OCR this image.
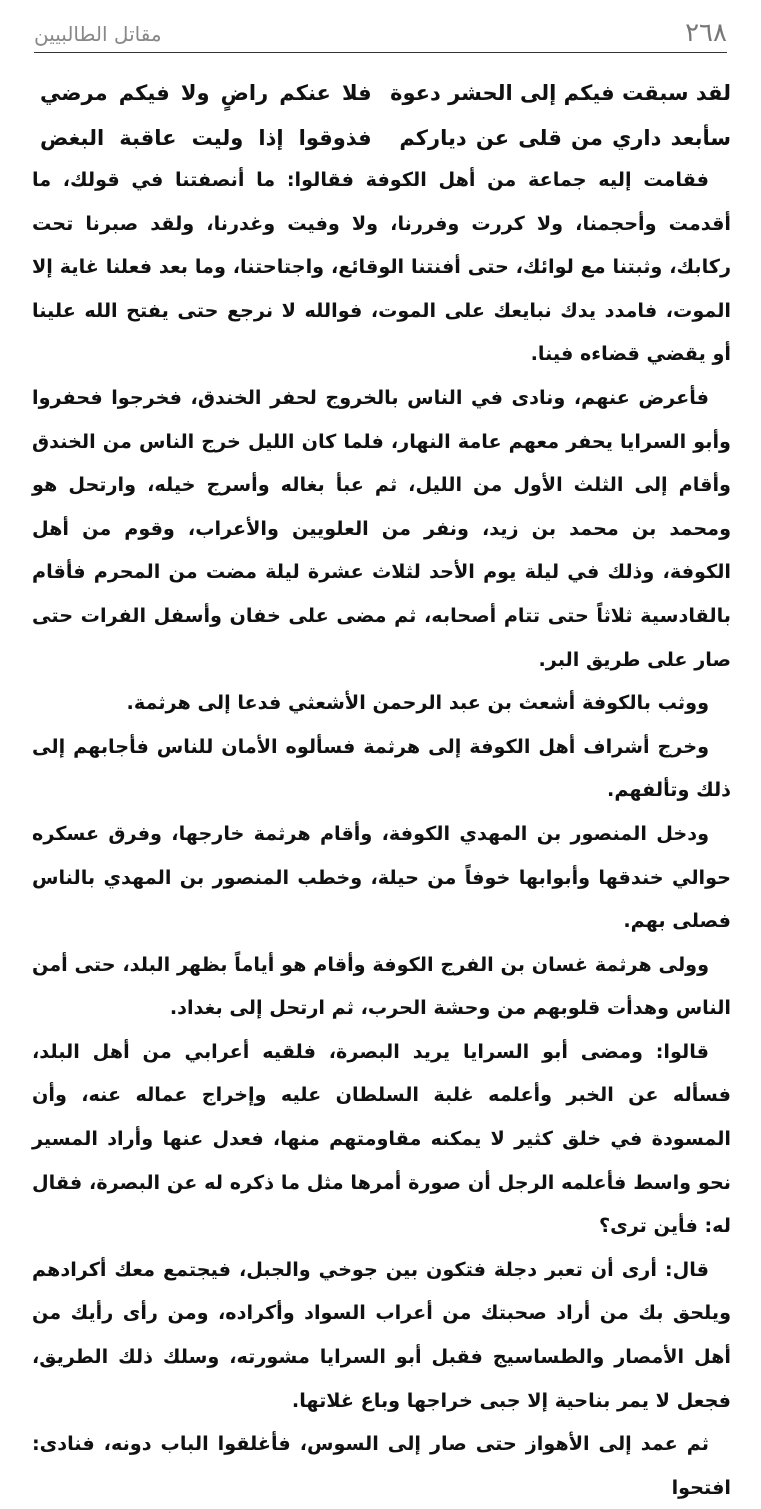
٢٦٨
مقاتل الطالبيين
لقد سبقت فيكم إلى الحشر دعوة
فلا عنكم راضٍ ولا فيكم مرضي
سأبعد داري من قلى عن دياركم
فذوقوا إذا وليت عاقبة البغض

فقامت إليه جماعة من أهل الكوفة فقالوا: ما أنصفتنا في قولك، ما أقدمت وأحجمنا، ولا كررت وفررنا، ولا وفيت وغدرنا، ولقد صبرنا تحت ركابك، وثبتنا مع لوائك، حتى أفنتنا الوقائع، واجتاحتنا، وما بعد فعلنا غاية إلا الموت، فامدد يدك نبايعك على الموت، فوالله لا نرجع حتى يفتح الله علينا أو يقضي قضاءه فينا.

فأعرض عنهم، ونادى في الناس بالخروج لحفر الخندق، فخرجوا فحفروا وأبو السرايا يحفر معهم عامة النهار، فلما كان الليل خرج الناس من الخندق وأقام إلى الثلث الأول من الليل، ثم عبأ بغاله وأسرج خيله، وارتحل هو ومحمد بن محمد بن زيد، ونفر من العلويين والأعراب، وقوم من أهل الكوفة، وذلك في ليلة يوم الأحد لثلاث عشرة ليلة مضت من المحرم فأقام بالقادسية ثلاثاً حتى تتام أصحابه، ثم مضى على خفان وأسفل الفرات حتى صار على طريق البر.

ووثب بالكوفة أشعث بن عبد الرحمن الأشعثي فدعا إلى هرثمة.

وخرج أشراف أهل الكوفة إلى هرثمة فسألوه الأمان للناس فأجابهم إلى ذلك وتألفهم.

ودخل المنصور بن المهدي الكوفة، وأقام هرثمة خارجها، وفرق عسكره حوالي خندقها وأبوابها خوفاً من حيلة، وخطب المنصور بن المهدي بالناس فصلى بهم.

وولى هرثمة غسان بن الفرج الكوفة وأقام هو أياماً بظهر البلد، حتى أمن الناس وهدأت قلوبهم من وحشة الحرب، ثم ارتحل إلى بغداد.

قالوا: ومضى أبو السرايا يريد البصرة، فلقيه أعرابي من أهل البلد، فسأله عن الخبر وأعلمه غلبة السلطان عليه وإخراج عماله عنه، وأن المسودة في خلق كثير لا يمكنه مقاومتهم منها، فعدل عنها وأراد المسير نحو واسط فأعلمه الرجل أن صورة أمرها مثل ما ذكره له عن البصرة، فقال له: فأين ترى؟

قال: أرى أن تعبر دجلة فتكون بين جوخي والجبل، فيجتمع معك أكرادهم ويلحق بك من أراد صحبتك من أعراب السواد وأكراده، ومن رأى رأيك من أهل الأمصار والطساسيج فقبل أبو السرايا مشورته، وسلك ذلك الطريق، فجعل لا يمر بناحية إلا جبى خراجها وباع غلاتها.

ثم عمد إلى الأهواز حتى صار إلى السوس، فأغلقوا الباب دونه، فنادى: افتحوا
